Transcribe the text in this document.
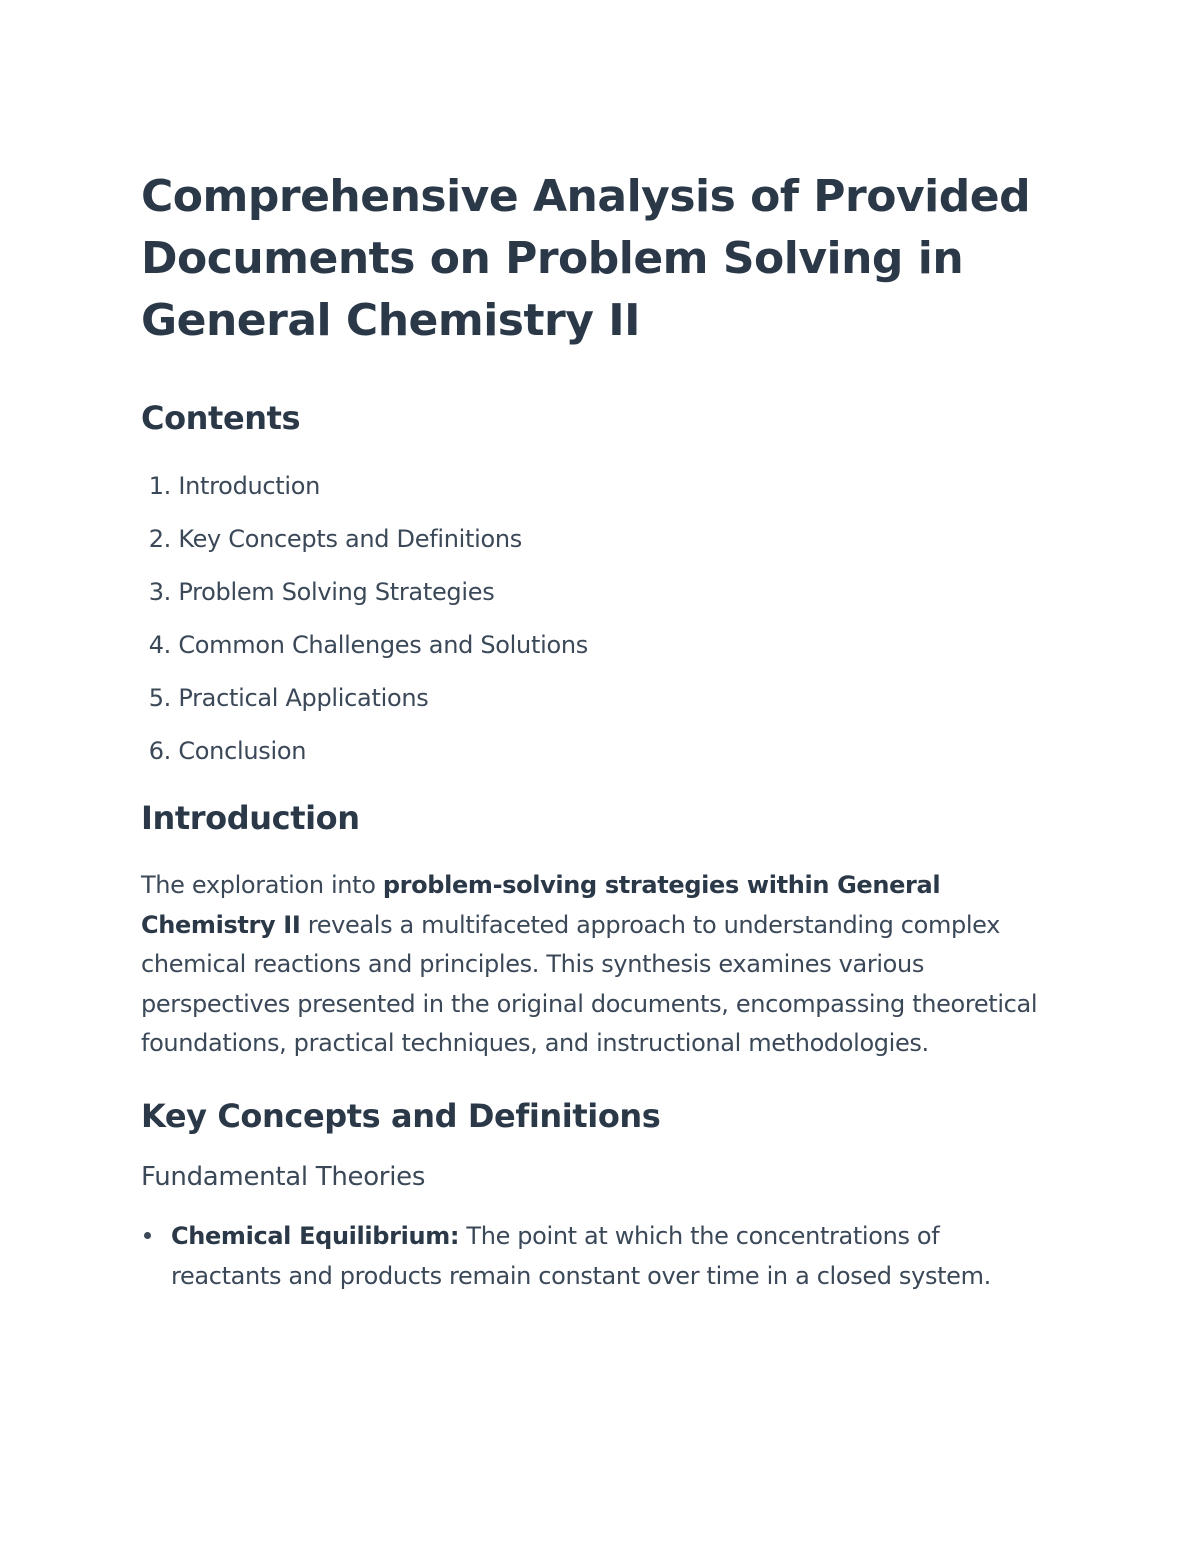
Comprehensive Analysis of Provided Documents on Problem Solving in General Chemistry II
Contents
1.
Introduction
2.
Key Concepts and Definitions
3.
Problem Solving Strategies
4.
Common Challenges and Solutions
5.
Practical Applications
6.
Conclusion
Introduction

The exploration into problem-solving strategies within General Chemistry II reveals a multifaceted approach to understanding complex chemical reactions and principles. This synthesis examines various perspectives presented in the original documents, encompassing theoretical foundations, practical techniques, and instructional methodologies.

Key Concepts and Definitions
Fundamental Theories
Chemical Equilibrium: The point at which the concentrations of reactants and products remain constant over time in a closed system.
